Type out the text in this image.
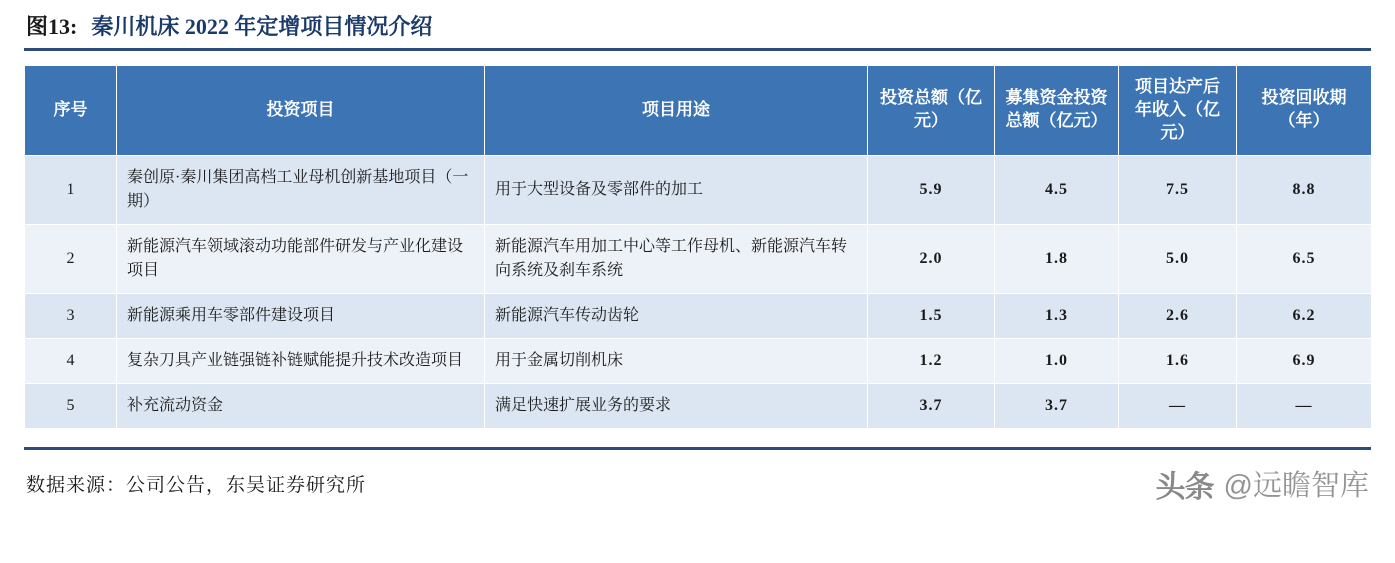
图13: 秦川机床 2022 年定增项目情况介绍
序号	投资项目	项目用途	投资总额（亿元）	募集资金投资总额（亿元）	项目达产后年收入（亿元）	投资回收期（年）
1	秦创原·秦川集团高档工业母机创新基地项目（一期）	用于大型设备及零部件的加工	5.9	4.5	7.5	8.8
2	新能源汽车领域滚动功能部件研发与产业化建设项目	新能源汽车用加工中心等工作母机、新能源汽车转向系统及刹车系统	2.0	1.8	5.0	6.5
3	新能源乘用车零部件建设项目	新能源汽车传动齿轮	1.5	1.3	2.6	6.2
4	复杂刀具产业链强链补链赋能提升技术改造项目	用于金属切削机床	1.2	1.0	1.6	6.9
5	补充流动资金	满足快速扩展业务的要求	3.7	3.7	—	—
数据来源：公司公告，东吴证券研究所	头条 @远瞻智库
